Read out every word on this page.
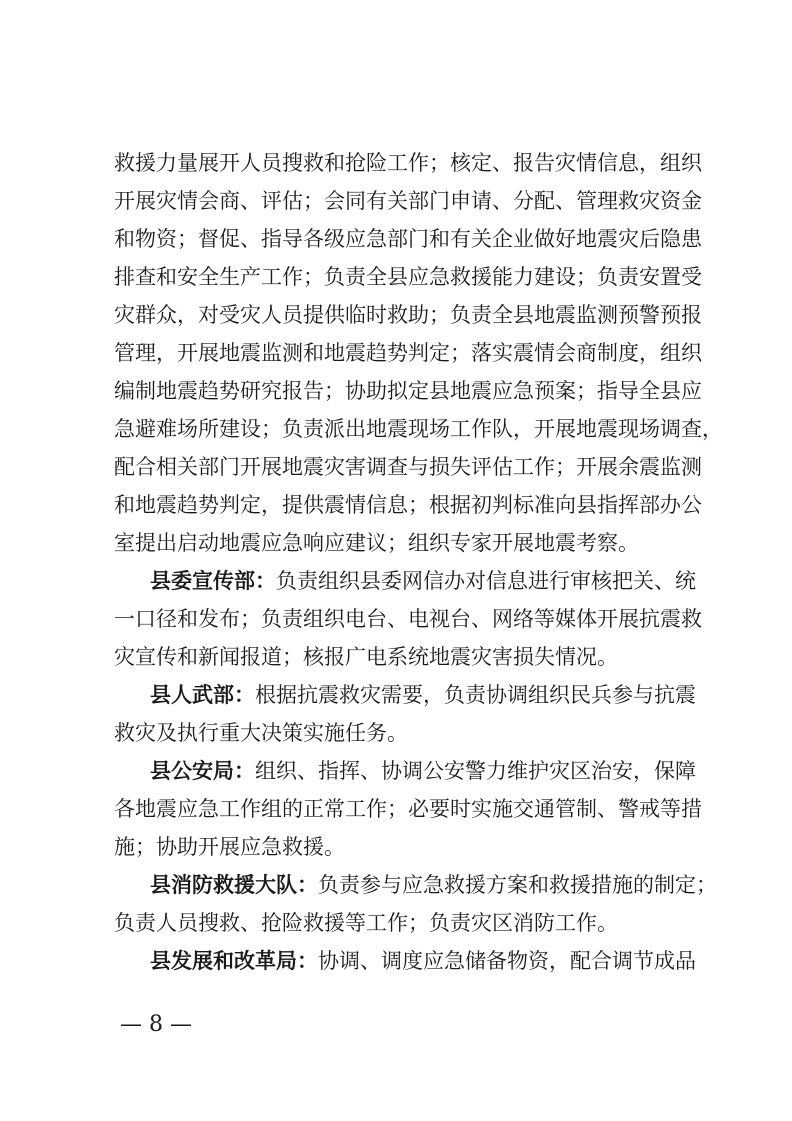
救援力量展开人员搜救和抢险工作；核定、报告灾情信息，组织
开展灾情会商、评估；会同有关部门申请、分配、管理救灾资金
和物资；督促、指导各级应急部门和有关企业做好地震灾后隐患
排查和安全生产工作；负责全县应急救援能力建设；负责安置受
灾群众，对受灾人员提供临时救助；负责全县地震监测预警预报
管理，开展地震监测和地震趋势判定；落实震情会商制度，组织
编制地震趋势研究报告；协助拟定县地震应急预案；指导全县应
急避难场所建设；负责派出地震现场工作队，开展地震现场调查，
配合相关部门开展地震灾害调查与损失评估工作；开展余震监测
和地震趋势判定，提供震情信息；根据初判标准向县指挥部办公
室提出启动地震应急响应建议；组织专家开展地震考察。
县委宣传部：负责组织县委网信办对信息进行审核把关、统
一口径和发布；负责组织电台、电视台、网络等媒体开展抗震救
灾宣传和新闻报道；核报广电系统地震灾害损失情况。
县人武部：根据抗震救灾需要，负责协调组织民兵参与抗震
救灾及执行重大决策实施任务。
县公安局：组织、指挥、协调公安警力维护灾区治安，保障
各地震应急工作组的正常工作；必要时实施交通管制、警戒等措
施；协助开展应急救援。
县消防救援大队：负责参与应急救援方案和救援措施的制定；
负责人员搜救、抢险救援等工作；负责灾区消防工作。
县发展和改革局：协调、调度应急储备物资，配合调节成品
— 8 —
